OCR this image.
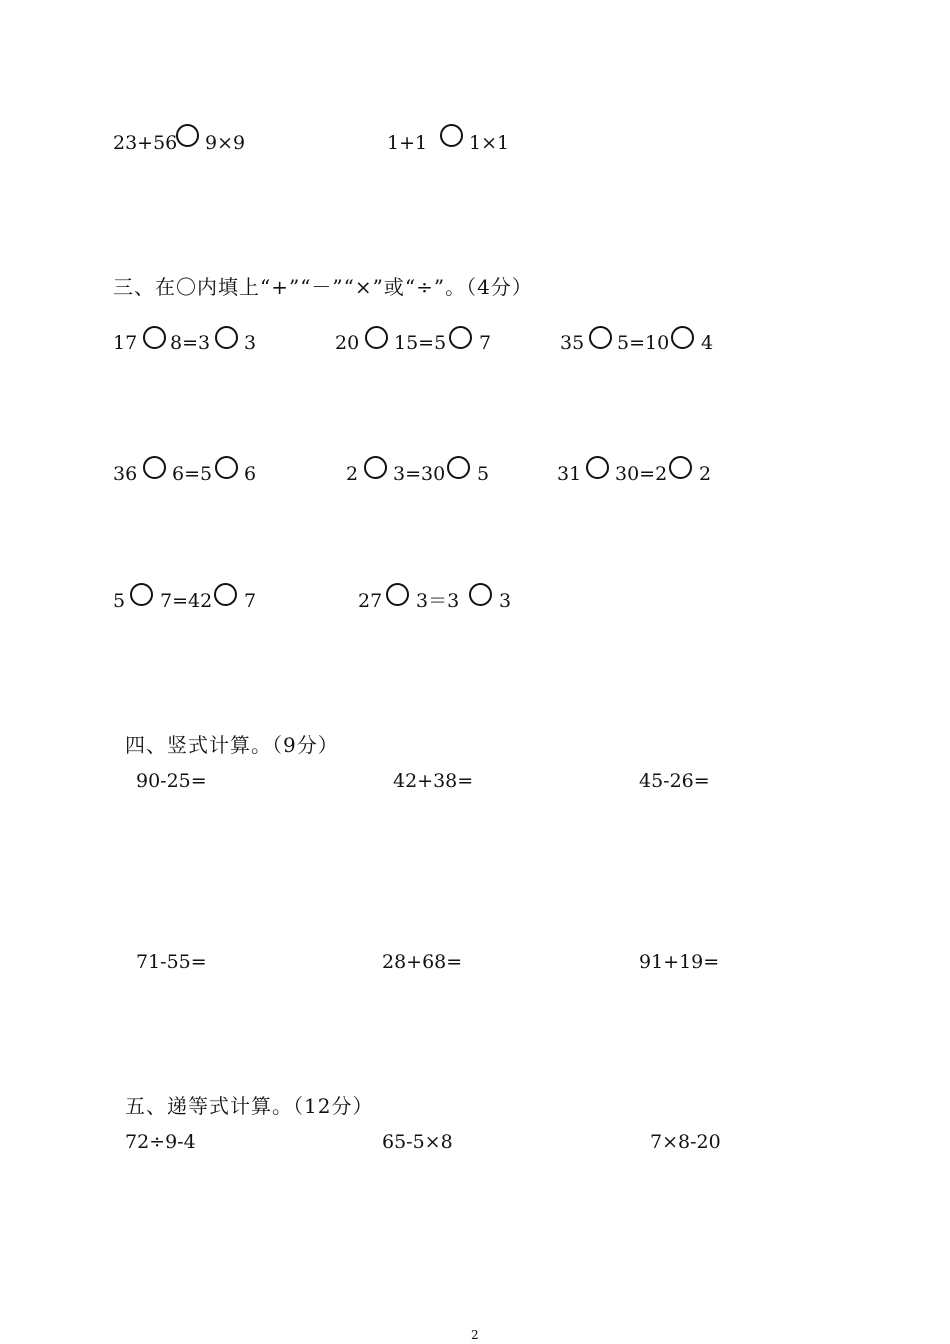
23+56 9×9	1+1 1×1
三、在〇内填上“+”“－”“×”或“÷”。（4分）
17 8=3 3	20 15=5 7	35 5=10 4
36 6=5 6	2 3=30 5	31 30=2 2
5 7=42 7	27 3＝3 3
四、竖式计算。（9分）
90-25=	42+38=	45-26=
71-55=	28+68=	91+19=
五、递等式计算。（12分）
72÷9-4	65-5×8	7×8-20
2
